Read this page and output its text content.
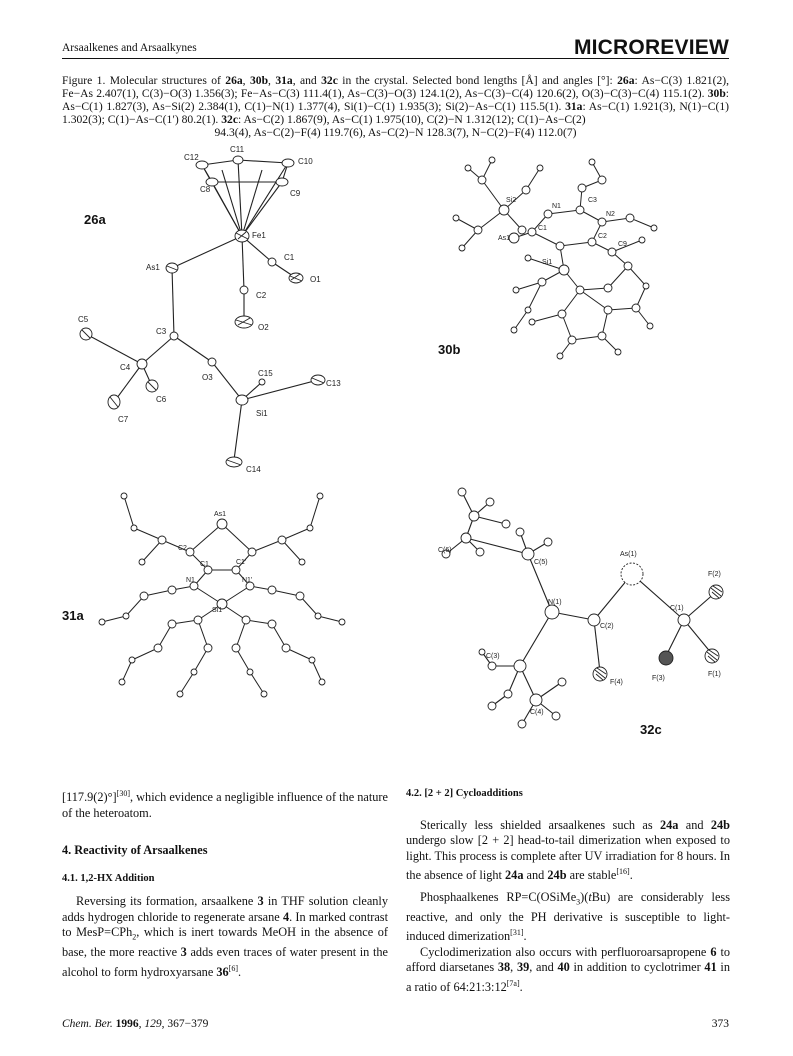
Arsaalkenes and Arsaalkynes	MICROREVIEW
Figure 1. Molecular structures of 26a, 30b, 31a, and 32c in the crystal. Selected bond lengths [Å] and angles [°]: 26a: As−C(3) 1.821(2), Fe−As 2.407(1), C(3)−O(3) 1.356(3); Fe−As−C(3) 111.4(1), As−C(3)−O(3) 124.1(2), As−C(3)−C(4) 120.6(2), O(3)−C(3)−C(4) 115.1(2). 30b: As−C(1) 1.827(3), As−Si(2) 2.384(1), C(1)−N(1) 1.377(4), Si(1)−C(1) 1.935(3); Si(2)−As−C(1) 115.5(1). 31a: As−C(1) 1.921(3), N(1)−C(1) 1.302(3); C(1)−As−C(1′) 80.2(1). 32c: As−C(2) 1.867(9), As−C(1) 1.975(10), C(2)−N 1.312(12); C(1)−As−C(2)
94.3(4), As−C(2)−F(4) 119.7(6), As−C(2)−N 128.3(7), N−C(2)−F(4) 112.0(7)
C11
C12	C10
C8	C9
Fe1
As1
C1
O1
C2
O2
C5
C3
C4
O3	C15
C13
C6
Si1
C7
C14
26a
Si2	C3
N1
N2
C1
As1	C2
C9
Si1
30b
As1
C2
C1'
C1
N1	N1'
Si1
31a
As(1)
C(6)
C(5)
F(2)
N(1)
C(1)
C(2)
C(3)
F(4)
F(3)
F(1)
C(4)
32c

[117.9(2)°][30], which evidence a negligible influence of the nature of the heteroatom.

4. Reactivity of Arsaalkenes
4.1. 1,2-HX Addition

Reversing its formation, arsaalkene 3 in THF solution cleanly adds hydrogen chloride to regenerate arsane 4. In marked contrast to MesP=CPh$_2$, which is inert towards MeOH in the absence of base, the more reactive 3 adds even traces of water present in the alcohol to form hydroxyarsane 36[6].

4.2. [2 + 2] Cycloadditions

Sterically less shielded arsaalkenes such as 24a and 24b undergo slow [2 + 2] head-to-tail dimerization when exposed to light. This process is complete after UV irradiation for 8 hours. In the absence of light 24a and 24b are stable[16].

Phosphaalkenes RP=C(OSiMe$_3$)(tBu) are considerably less reactive, and only the PH derivative is susceptible to light-induced dimerization[31].

Cyclodimerization also occurs with perfluoroarsapropene 6 to afford diarsetanes 38, 39, and 40 in addition to cyclotrimer 41 in a ratio of 64:21:3:12[7a].

Chem. Ber. 1996, 129, 367−379	373
